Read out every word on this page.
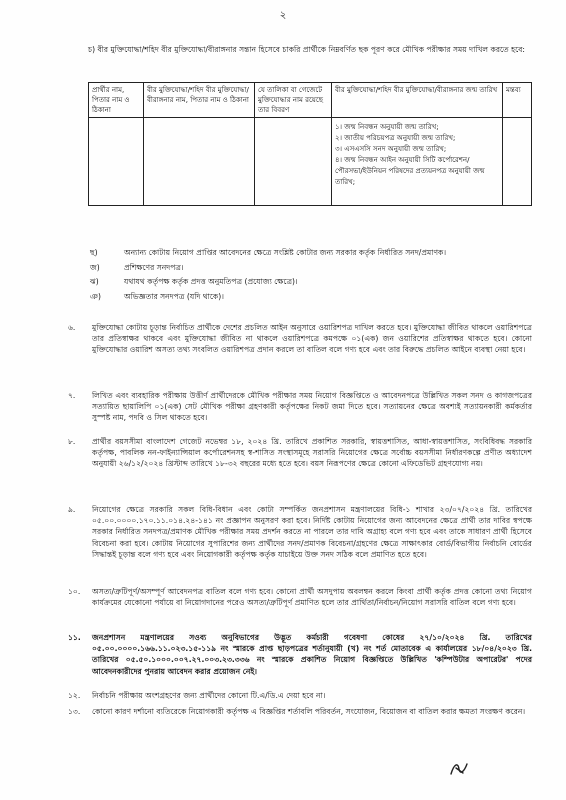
২
চ) বীর মুক্তিযোদ্ধা/শহিদ বীর মুক্তিযোদ্ধা/বীরাঙ্গনার সন্তান হিসেবে চাকরি প্রার্থীকে নিম্নবর্ণিত ছক পূরণ করে মৌখিক পরীক্ষার সময় দাখিল করতে হবে:
প্রার্থীর নাম, পিতার নাম ও ঠিকানা	বীর মুক্তিযোদ্ধা/শহিদ বীর মুক্তিযোদ্ধা/বীরাঙ্গনার নাম, পিতার নাম ও ঠিকানা	যে তালিকা বা গেজেটে মুক্তিযোদ্ধার নাম রয়েছে তার বিবরণ	বীর মুক্তিযোদ্ধা/শহিদ বীর মুক্তিযোদ্ধা/বীরাঙ্গনার জন্ম তারিখ	মন্তব্য

			১। জন্ম নিবন্ধন অনুযায়ী জন্ম তারিখ;
২। জাতীয় পরিচয়পত্র অনুযায়ী জন্ম তারিখ;
৩। এসএসসি সনদ অনুযায়ী জন্ম তারিখ;
৪। জন্ম নিবন্ধন আইন অনুযায়ী সিটি কর্পোরেশন/ পৌরসভা/ইউনিয়ন পরিষদের প্রত্যয়নপত্র অনুযায়ী জন্ম তারিখ;	

ছ)	অন্যান্য কোটায় নিয়োগ প্রাপ্তির আবেদনের ক্ষেত্রে সংশ্লিষ্ট কোটার জন্য সরকার কর্তৃক নির্ধারিত সনদ/প্রমাণক।
জ)	প্রশিক্ষণের সনদপত্র।
ঝ)	যথাযথ কর্তৃপক্ষ কর্তৃক প্রদত্ত অনুমতিপত্র (প্রযোজ্য ক্ষেত্রে)।
ঞ)	অভিজ্ঞতার সনদপত্র (যদি থাকে)।
৬.	মুক্তিযোদ্ধা কোটায় চূড়ান্ত নির্বাচিত প্রার্থীকে দেশের প্রচলিত আইন অনুসারে ওয়ারিশপত্র দাখিল করতে হবে। মুক্তিযোদ্ধা জীবিত থাকলে ওয়ারিশপত্রে তার প্রতিস্বাক্ষর থাকবে এবং মুক্তিযোদ্ধা জীবিত না থাকলে ওয়ারিশপত্রে কমপক্ষে ০১(এক) জন ওয়ারিশের প্রতিস্বাক্ষর থাকতে হবে। কোনো মুক্তিযোদ্ধার ওয়ারিশ অসত্য তথ্য সংবলিত ওয়ারিশপত্র প্রদান করলে তা বাতিল বলে গণ্য হবে এবং তার বিরুদ্ধে প্রচলিত আইনে ব্যবস্থা নেয়া হবে।
৭.	লিখিত এবং ব্যবহারিক পরীক্ষায় উত্তীর্ণ প্রার্থীদেরকে মৌখিক পরীক্ষার সময় নিয়োগ বিজ্ঞপ্তিতে ও আবেদনপত্রে উল্লিখিত সকল সনদ ও কাগজপত্রের সত্যায়িত ছায়ালিপি ০১(এক) সেট মৌখিক পরীক্ষা গ্রহণকারী কর্তৃপক্ষের নিকট জমা দিতে হবে। সত্যায়নের ক্ষেত্রে অবশ্যই সত্যায়নকারী কর্মকর্তার সুস্পষ্ট নাম, পদবি ও সিল থাকতে হবে।
৮.	প্রার্থীর বয়সসীমা বাংলাদেশ গেজেট নভেম্বর ১৮, ২০২৪ খ্রি. তারিখে প্রকাশিত সরকারি, স্বায়ত্তশাসিত, আধা-স্বায়ত্তশাসিত, সংবিধিবদ্ধ সরকারি কর্তৃপক্ষ, পাবলিক নন-ফাইন্যান্সিয়াল কর্পোরেশনসহ স্ব-শাসিত সংস্থাসমূহে সরাসরি নিয়োগের ক্ষেত্রে সর্বোচ্চ বয়সসীমা নির্ধারণকল্পে প্রণীত অধ্যাদেশ অনুযায়ী ২৬/১২/২০২৪ খ্রিস্টাব্দ তারিখে ১৮-৩২ বছরের মধ্যে হতে হবে। বয়স নিরূপণের ক্ষেত্রে কোনো এফিডেভিট গ্রহণযোগ্য নয়।
৯.	নিয়োগের ক্ষেত্রে সরকারি সকল বিধি-বিধান এবং কোটা সম্পর্কিত জনপ্রশাসন মন্ত্রণালয়ের বিধি-১ শাখার ২৩/০৭/২০২৪ খ্রি. তারিখের ০৫.০০.০০০০.১৭০.১১.০১৪.২৪-১৪১ নং প্রজ্ঞাপন অনুসরণ করা হবে। নির্দিষ্ট কোটায় নিয়োগের জন্য আবেদনের ক্ষেত্রে প্রার্থী তার দাবির স্বপক্ষে সরকার নির্ধারিত সনদপত্র/প্রমাণক মৌখিক পরীক্ষার সময় প্রদর্শন করতে না পারলে তার দাবি অগ্রাহ্য বলে গণ্য হবে এবং তাকে সাধারণ প্রার্থী হিসেবে বিবেচনা করা হবে। কোটায় নিয়োগের সুপারিশের জন্য প্রার্থীদের সনদ/প্রমাণক বিবেচনা/গ্রহণের ক্ষেত্রে সাক্ষাৎকার বোর্ড/বিভাগীয় নির্বাচনি বোর্ডের সিদ্ধান্তই চূড়ান্ত বলে গণ্য হবে এবং নিয়োগকারী কর্তৃপক্ষ কর্তৃক যাচাইয়ে উক্ত সনদ সঠিক বলে প্রমাণিত হতে হবে।
১০.	অসত্য/ত্রুটিপূর্ণ/অসম্পূর্ণ আবেদনপত্র বাতিল বলে গণ্য হবে। কোনো প্রার্থী অসদুপায় অবলম্বন করলে কিংবা প্রার্থী কর্তৃক প্রদত্ত কোনো তথ্য নিয়োগ কার্যক্রমের যেকোনো পর্যায়ে বা নিয়োগদানের পরেও অসত্য/ত্রুটিপূর্ণ প্রমাণিত হলে তার প্রার্থিতা/নির্বাচন/নিয়োগ সরাসরি বাতিল বলে গণ্য হবে।
১১.	জনপ্রশাসন মন্ত্রণালয়ের সওব্য অনুবিভাগের উদ্ভূত কর্মচারী গবেষণা কোষের ২৭/১০/২০২৪ খ্রি. তারিখের ০৫.০০.০০০০.১৬৬.১১.০২৩.১৫-১১৯ নং স্মারকে প্রাপ্ত ছাড়পত্রের শর্তানুযায়ী (খ) নং শর্ত মোতাবেক এ কার্যালয়ের ১৮/০৪/২০২৩ খ্রি. তারিখের ০৫.৫০.১০০০.০০৭.২৭.০০৩.২৩.৩৩৬ নং স্মারকে প্রকাশিত নিয়োগ বিজ্ঞপ্তিতে উল্লিখিত 'কম্পিউটার অপারেটর' পদের আবেদনকারীদের পুনরায় আবেদন করার প্রয়োজন নেই।
১২.	নির্বাচনি পরীক্ষায় অংশগ্রহণের জন্য প্রার্থীদের কোনো টি.এ/ডি.এ দেয়া হবে না।
১৩.	কোনো কারণ দর্শানো ব্যতিরেকে নিয়োগকারী কর্তৃপক্ষ এ বিজ্ঞপ্তির শর্তাবলি পরিবর্তন, সংযোজন, বিয়োজন বা বাতিল করার ক্ষমতা সংরক্ষণ করেন।
